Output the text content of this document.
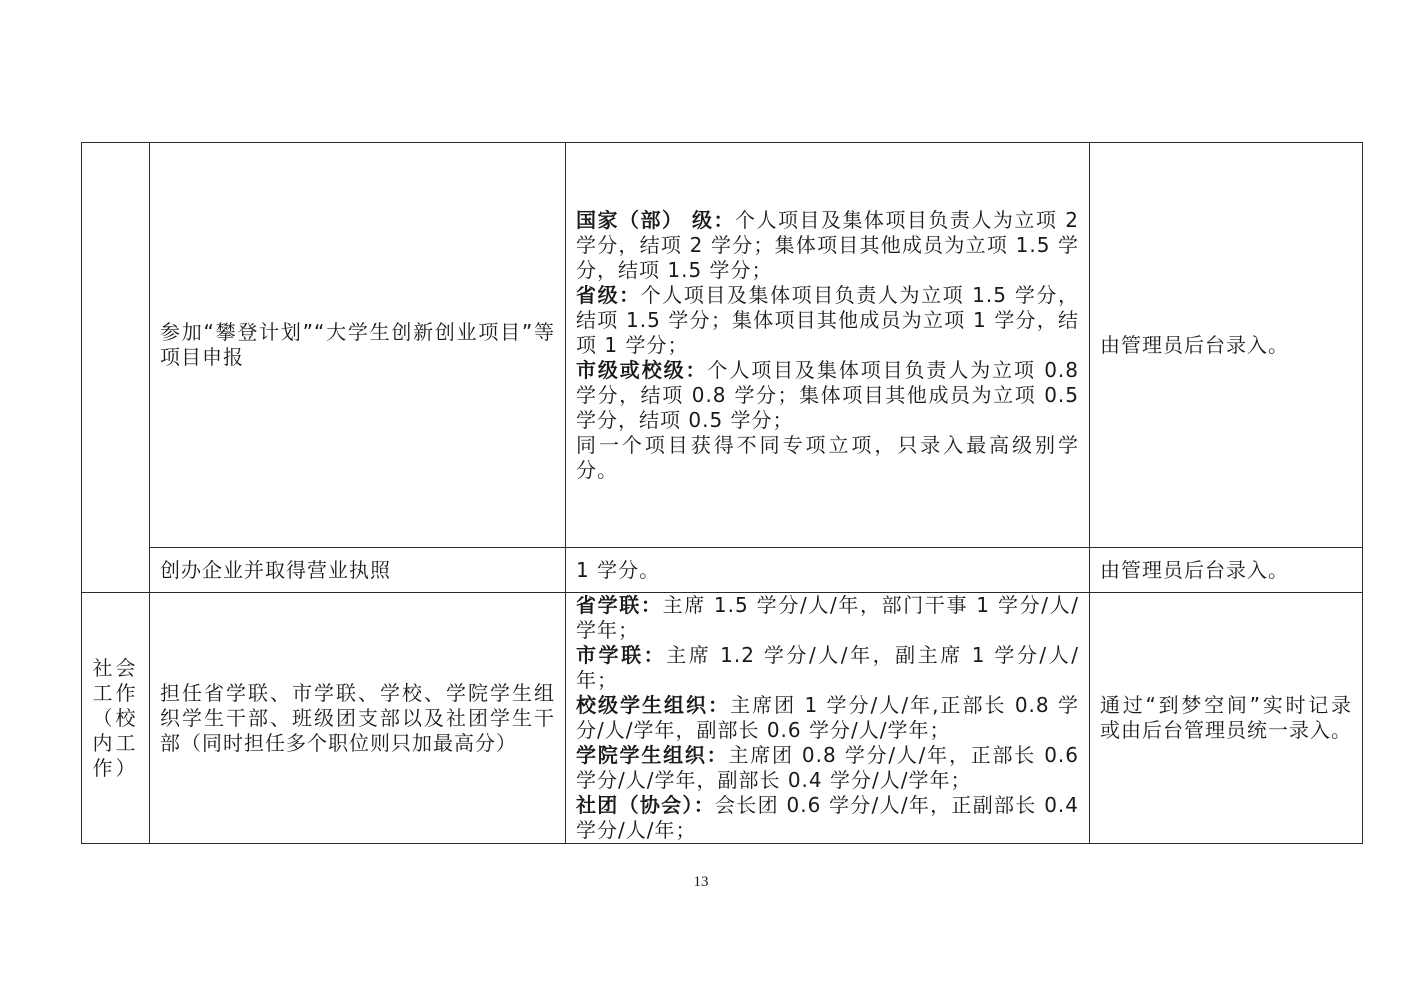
	参加“攀登计划”“大学生创新创业项目”等项目申报	国家（部） 级：个人项目及集体项目负责人为立项 2 学分，结项 2 学分；集体项目其他成员为立项 1.5 学分，结项 1.5 学分；
省级：个人项目及集体项目负责人为立项 1.5 学分，结项 1.5 学分；集体项目其他成员为立项 1 学分，结项 1 学分；
市级或校级：个人项目及集体项目负责人为立项 0.8 学分，结项 0.8 学分；集体项目其他成员为立项 0.5 学分，结项 0.5 学分；
同一个项目获得不同专项立项，只录入最高级别学分。	由管理员后台录入。

	创办企业并取得营业执照	1 学分。	由管理员后台录入。

社会工作（校内工作）	担任省学联、市学联、学校、学院学生组织学生干部、班级团支部以及社团学生干部（同时担任多个职位则只加最高分）	省学联：主席 1.5 学分/人/年，部门干事 1 学分/人/学年；
市学联：主席 1.2 学分/人/年，副主席 1 学分/人/年；
校级学生组织：主席团 1 学分/人/年,正部长 0.8 学分/人/学年，副部长 0.6 学分/人/学年；
学院学生组织：主席团 0.8 学分/人/年，正部长 0.6 学分/人/学年，副部长 0.4 学分/人/学年；
社团（协会）：会长团 0.6 学分/人/年，正副部长 0.4 学分/人/年；	通过“到梦空间”实时记录或由后台管理员统一录入。
13
